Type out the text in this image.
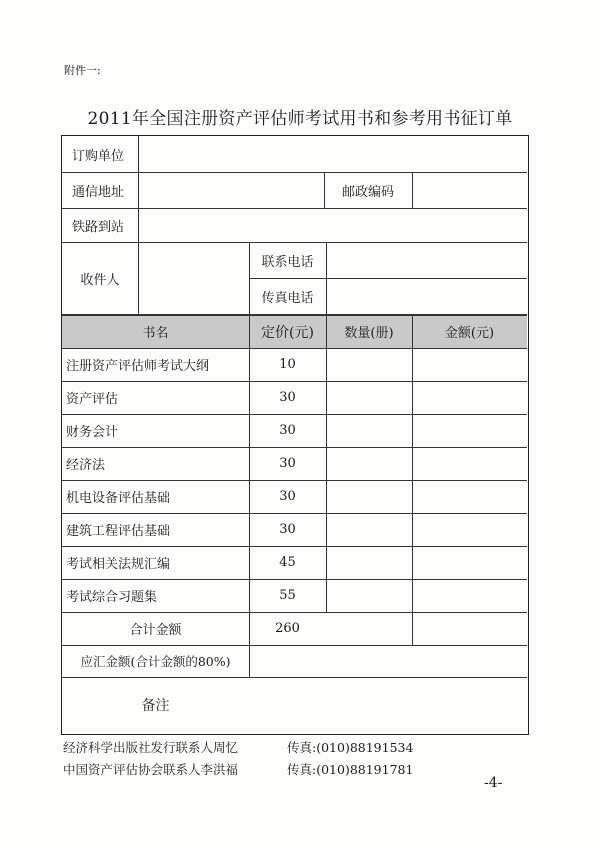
附件一:
2011年全国注册资产评估师考试用书和参考用书征订单
订购单位
通信地址	邮政编码
铁路到站
收件人
联系电话
传真电话
书名	定价(元)	数量(册)	金额(元)
注册资产评估师考试大纲	10
资产评估	30
财务会计	30
经济法	30
机电设备评估基础	30
建筑工程评估基础	30
考试相关法规汇编	45
考试综合习题集	55
合计金额	260
应汇金额(合计金额的80%)
备注
经济科学出版社发行联系人周忆	传真:(010)88191534
中国资产评估协会联系人李洪福	传真:(010)88191781
-4-
